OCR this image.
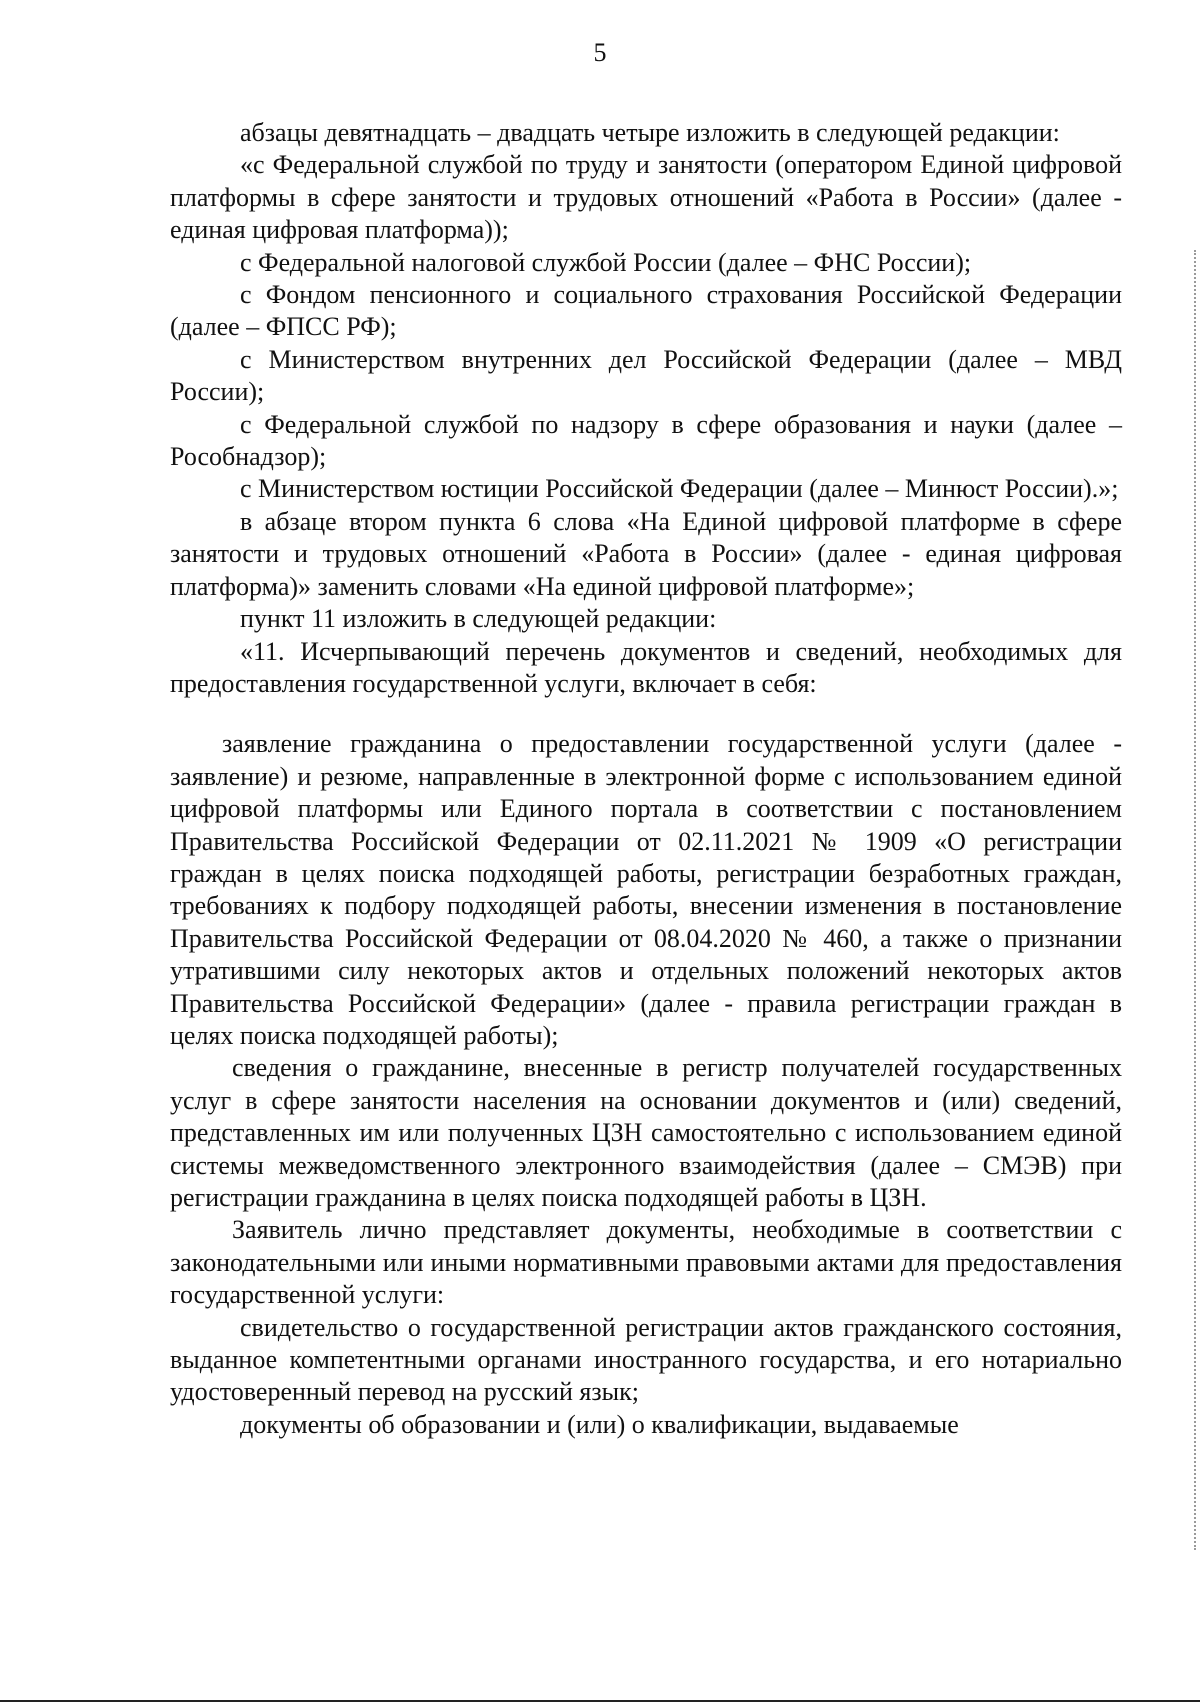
5

абзацы девятнадцать – двадцать четыре изложить в следующей редакции:

«с Федеральной службой по труду и занятости (оператором Единой цифровой платформы в сфере занятости и трудовых отношений «Работа в России» (далее - единая цифровая платформа));

с Федеральной налоговой службой России (далее – ФНС России);

с Фондом пенсионного и социального страхования Российской Федерации (далее – ФПСС РФ);

с Министерством внутренних дел Российской Федерации (далее – МВД России);

с Федеральной службой по надзору в сфере образования и науки (далее – Рособнадзор);

с Министерством юстиции Российской Федерации (далее – Минюст России).»;

в абзаце втором пункта 6 слова «На Единой цифровой платформе в сфере занятости и трудовых отношений «Работа в России» (далее - единая цифровая платформа)» заменить словами «На единой цифровой платформе»;

пункт 11 изложить в следующей редакции:

«11. Исчерпывающий перечень документов и сведений, необходимых для предоставления государственной услуги, включает в себя:

заявление гражданина о предоставлении государственной услуги (далее - заявление) и резюме, направленные в электронной форме с использованием единой цифровой платформы или Единого портала в соответствии с постановлением Правительства Российской Федерации от 02.11.2021 № 1909 «О регистрации граждан в целях поиска подходящей работы, регистрации безработных граждан, требованиях к подбору подходящей работы, внесении изменения в постановление Правительства Российской Федерации от 08.04.2020 № 460, а также о признании утратившими силу некоторых актов и отдельных положений некоторых актов Правительства Российской Федерации» (далее - правила регистрации граждан в целях поиска подходящей работы);

сведения о гражданине, внесенные в регистр получателей государственных услуг в сфере занятости населения на основании документов и (или) сведений, представленных им или полученных ЦЗН самостоятельно с использованием единой системы межведомственного электронного взаимодействия (далее – СМЭВ) при регистрации гражданина в целях поиска подходящей работы в ЦЗН.

Заявитель лично представляет документы, необходимые в соответствии с законодательными или иными нормативными правовыми актами для предоставления государственной услуги:

свидетельство о государственной регистрации актов гражданского состояния, выданное компетентными органами иностранного государства, и его нотариально удостоверенный перевод на русский язык;

документы об образовании и (или) о квалификации, выдаваемые
